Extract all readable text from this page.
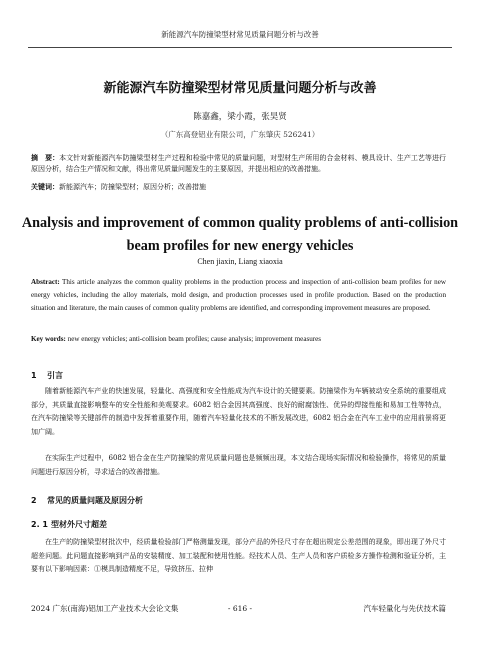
新能源汽车防撞梁型材常见质量问题分析与改善
新能源汽车防撞梁型材常见质量问题分析与改善
陈嘉鑫，梁小霞，张昊贤
（广东高登铝业有限公司，广东肇庆 526241）
摘　要：本文针对新能源汽车防撞梁型材生产过程和检验中常见的质量问题，对型材生产所用的合金材料、模具设计、生产工艺等进行原因分析，结合生产情况和文献，得出常见质量问题发生的主要原因，并提出相应的改善措施。
关键词：新能源汽车；防撞梁型材；原因分析；改善措施
Analysis and improvement of common quality problems of anti-collision beam profiles for new energy vehicles
Chen jiaxin, Liang xiaoxia
Abstract: This article analyzes the common quality problems in the production process and inspection of anti-collision beam profiles for new energy vehicles, including the alloy materials, mold design, and production processes used in profile production. Based on the production situation and literature, the main causes of common quality problems are identified, and corresponding improvement measures are proposed.
Key words: new energy vehicles; anti-collision beam profiles; cause analysis; improvement measures
1 引言
随着新能源汽车产业的快速发展，轻量化、高强度和安全性能成为汽车设计的关键要素。防撞梁作为车辆被动安全系统的重要组成部分，其质量直接影响整车的安全性能和美观要求。6082 铝合金因其高强度、良好的耐腐蚀性、优异的焊接性能和易加工性等特点，在汽车防撞梁等关键部件的制造中发挥着重要作用，随着汽车轻量化技术的不断发展改进，6082 铝合金在汽车工业中的应用前景将更加广阔。
在实际生产过程中，6082 铝合金在生产防撞梁的常见质量问题也是频频出现，本文结合现场实际情况和检验操作，将常见的质量问题进行原因分析，寻求适合的改善措施。
2 常见的质量问题及原因分析
2. 1 型材外尺寸超差
在生产的防撞梁型材批次中，经质量检验部门严格测量发现，部分产品的外径尺寸存在超出规定公差范围的现象，即出现了外尺寸超差问题。此问题直接影响到产品的安装精度、加工装配和使用性能。经技术人员、生产人员和客户质检多方操作检测和验证分析，主要有以下影响因素：①模具制造精度不足，导致挤压、拉伸
2024 广东(南海)铝加工产业技术大会论文集	- 616 -	汽车轻量化与先伏技术篇
